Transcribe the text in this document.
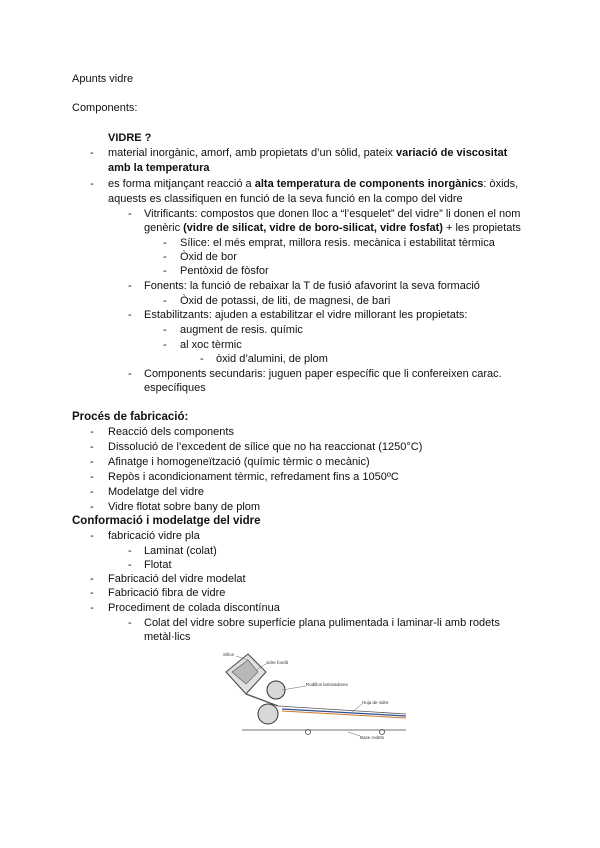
Apunts vidre
Components:
VIDRE ?
- material inorgànic, amorf, amb propietats d’un sòlid, pateix variació de viscositat
amb la temperatura
- es forma mitjançant reacció a alta temperatura de components inorgànics: òxids,
aquests es classifiquen en funció de la seva funció en la compo del vidre
- Vitrificants: compostos que donen lloc a “l’esquelet” del vidre” li donen el nom
genèric (vidre de silicat, vidre de boro-silicat, vidre fosfat) + les propietats
- Sílice: el més emprat, millora resis. mecànica i estabilitat tèrmica
- Òxid de bor
- Pentòxid de fòsfor
- Fonents: la funció de rebaixar la T de fusió afavorint la seva formació
- Òxid de potassi, de liti, de magnesi, de bari
- Estabilitzants: ajuden a estabilitzar el vidre millorant les propietats:
- augment de resis. químic
- al xoc tèrmic
- òxid d’alumini, de plom
- Components secundaris: juguen paper específic que li confereixen carac.
específiques
Procés de fabricació:
- Reacció dels components
- Dissolució de l’excedent de sílice que no ha reaccionat (1250°C)
- Afinatge i homogeneïtzació (químic tèrmic o mecànic)
- Repòs i acondicionament tèrmic, refredament fins a 1050ºC
- Modelatge del vidre
- Vidre flotat sobre bany de plom
Conformació i modelatge del vidre
- fabricació vidre pla
- Laminat (colat)
- Flotat
- Fabricació del vidre modelat
- Fabricació fibra de vidre
- Procediment de colada discontínua
- Colat del vidre sobre superfície plana pulimentada i laminar-li amb rodets
metàl·lics
Sílice
vidre fondit
Rodillos laminadores
Hoja de vidre
Base rodets
